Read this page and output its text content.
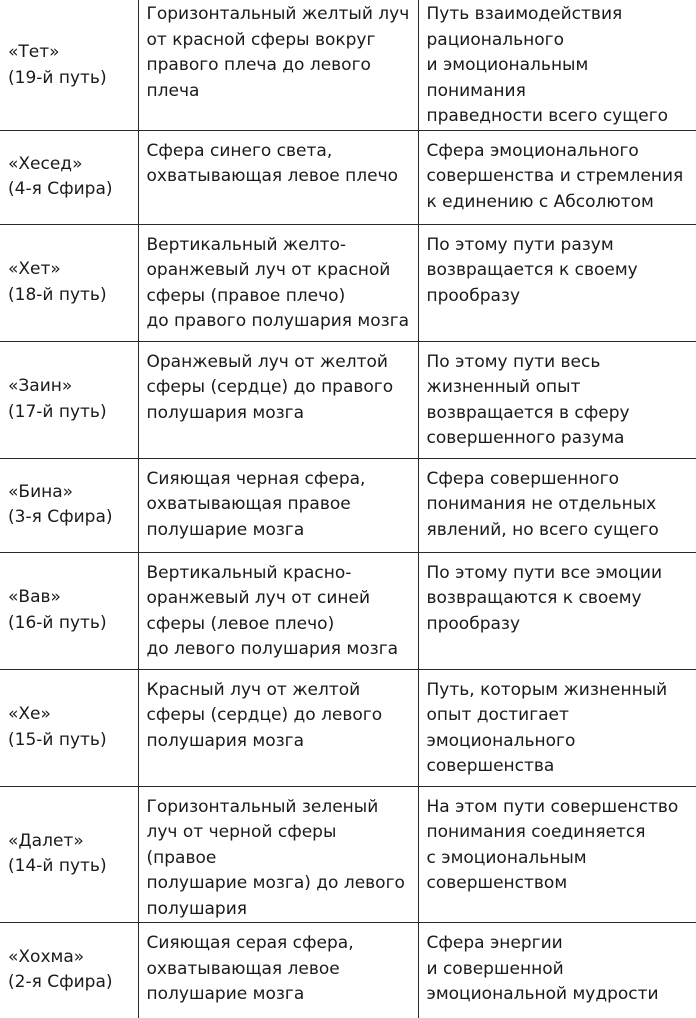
«Тет»
(19-й путь)	Горизонтальный желтый луч
от красной сферы вокруг
правого плеча до левого
плеча	Путь взаимодействия
рационального
и эмоциональным понимания
праведности всего сущего
«Хесед»
(4-я Сфира)	Сфера синего света,
охватывающая левое плечо	Сфера эмоционального
совершенства и стремления
к единению с Абсолютом
«Хет»
(18-й путь)	Вертикальный желто-
оранжевый луч от красной
сферы (правое плечо)
до правого полушария мозга	По этому пути разум
возвращается к своему
прообразу
«Заин»
(17-й путь)	Оранжевый луч от желтой
сферы (сердце) до правого
полушария мозга	По этому пути весь
жизненный опыт
возвращается в сферу
совершенного разума
«Бина»
(3-я Сфира)	Сияющая черная сфера,
охватывающая правое
полушарие мозга	Сфера совершенного
понимания не отдельных
явлений, но всего сущего
«Вав»
(16-й путь)	Вертикальный красно-
оранжевый луч от синей
сферы (левое плечо)
до левого полушария мозга	По этому пути все эмоции
возвращаются к своему
прообразу
«Хе»
(15-й путь)	Красный луч от желтой
сферы (сердце) до левого
полушария мозга	Путь, которым жизненный
опыт достигает
эмоционального
совершенства
«Далет»
(14-й путь)	Горизонтальный зеленый
луч от черной сферы (правое
полушарие мозга) до левого
полушария	На этом пути совершенство
понимания соединяется
с эмоциональным
совершенством
«Хохма»
(2-я Сфира)	Сияющая серая сфера,
охватывающая левое
полушарие мозга	Сфера энергии
и совершенной
эмоциональной мудрости
